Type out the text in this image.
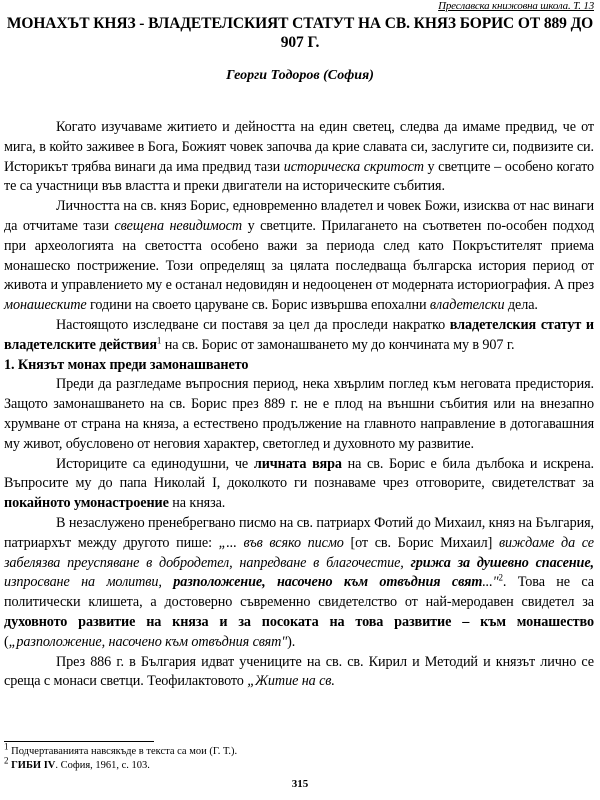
Преславска книжовна школа. Т. 13
МОНАХЪТ КНЯЗ - ВЛАДЕТЕЛСКИЯТ СТАТУТ НА СВ. КНЯЗ БОРИС ОТ 889 ДО 907 Г.
Георги Тодоров (София)

Когато изучаваме житието и дейността на един светец, следва да имаме предвид, че от мига, в който заживее в Бога, Божият човек започва да крие славата си, заслугите си, подвизите си. Историкът трябва винаги да има предвид тази историческа скритост у светците – особено когато те са участници във властта и преки двигатели на историческите събития.

Личността на св. княз Борис, едновременно владетел и човек Божи, изисква от нас винаги да отчитаме тази свещена невидимост у светците. Прилагането на съответен по-особен подход при археологията на светостта особено важи за периода след като Покръстителят приема монашеско пострижение. Този определящ за цялата последваща българска история период от живота и управлението му е останал недовидян и недооценен от модерната историография. А през монашеските години на своето царуване св. Борис извършва епохални владетелски дела.

Настоящото изследване си поставя за цел да проследи накратко владетелския статут и владетелските действия$^1$ на св. Борис от замонашването му до кончината му в 907 г.

1. Князът монах преди замонашването

Преди да разгледаме въпросния период, нека хвърлим поглед към неговата предистория. Защото замонашването на св. Борис през 889 г. не е плод на външни събития или на внезапно хрумване от страна на княза, а естествено продължение на главното направление в дотогавашния му живот, обусловено от неговия характер, светоглед и духовното му развитие.

Историците са единодушни, че личната вяра на св. Борис е била дълбока и искрена. Въпросите му до папа Николай I, доколкото ги познаваме чрез отговорите, свидетелстват за покайното умонастроение на княза.

В незаслужено пренебрегвано писмо на св. патриарх Фотий до Михаил, княз на България, патриархът между другото пише: „... във всяко писмо [от св. Борис Михаил] виждаме да се забелязва преуспяване в добродетел, напредване в благочестие, грижа за душевно спасение, изпросване на молитви, разположение, насочено към отвъдния свят..."$^2$. Това не са политически клишета, а достоверно съвременно свидетелство от най-меродавен свидетел за духовното развитие на княза и за посоката на това развитие – към монашество („разположение, насочено към отвъдния свят").

През 886 г. в България идват учениците на св. св. Кирил и Методий и князът лично се среща с монаси светци. Теофилактовото „Житие на св.

$^1$ Подчертаванията навсякъде в текста са мои (Г. Т.).
$^2$ ГИБИ IV. София, 1961, с. 103.
315
